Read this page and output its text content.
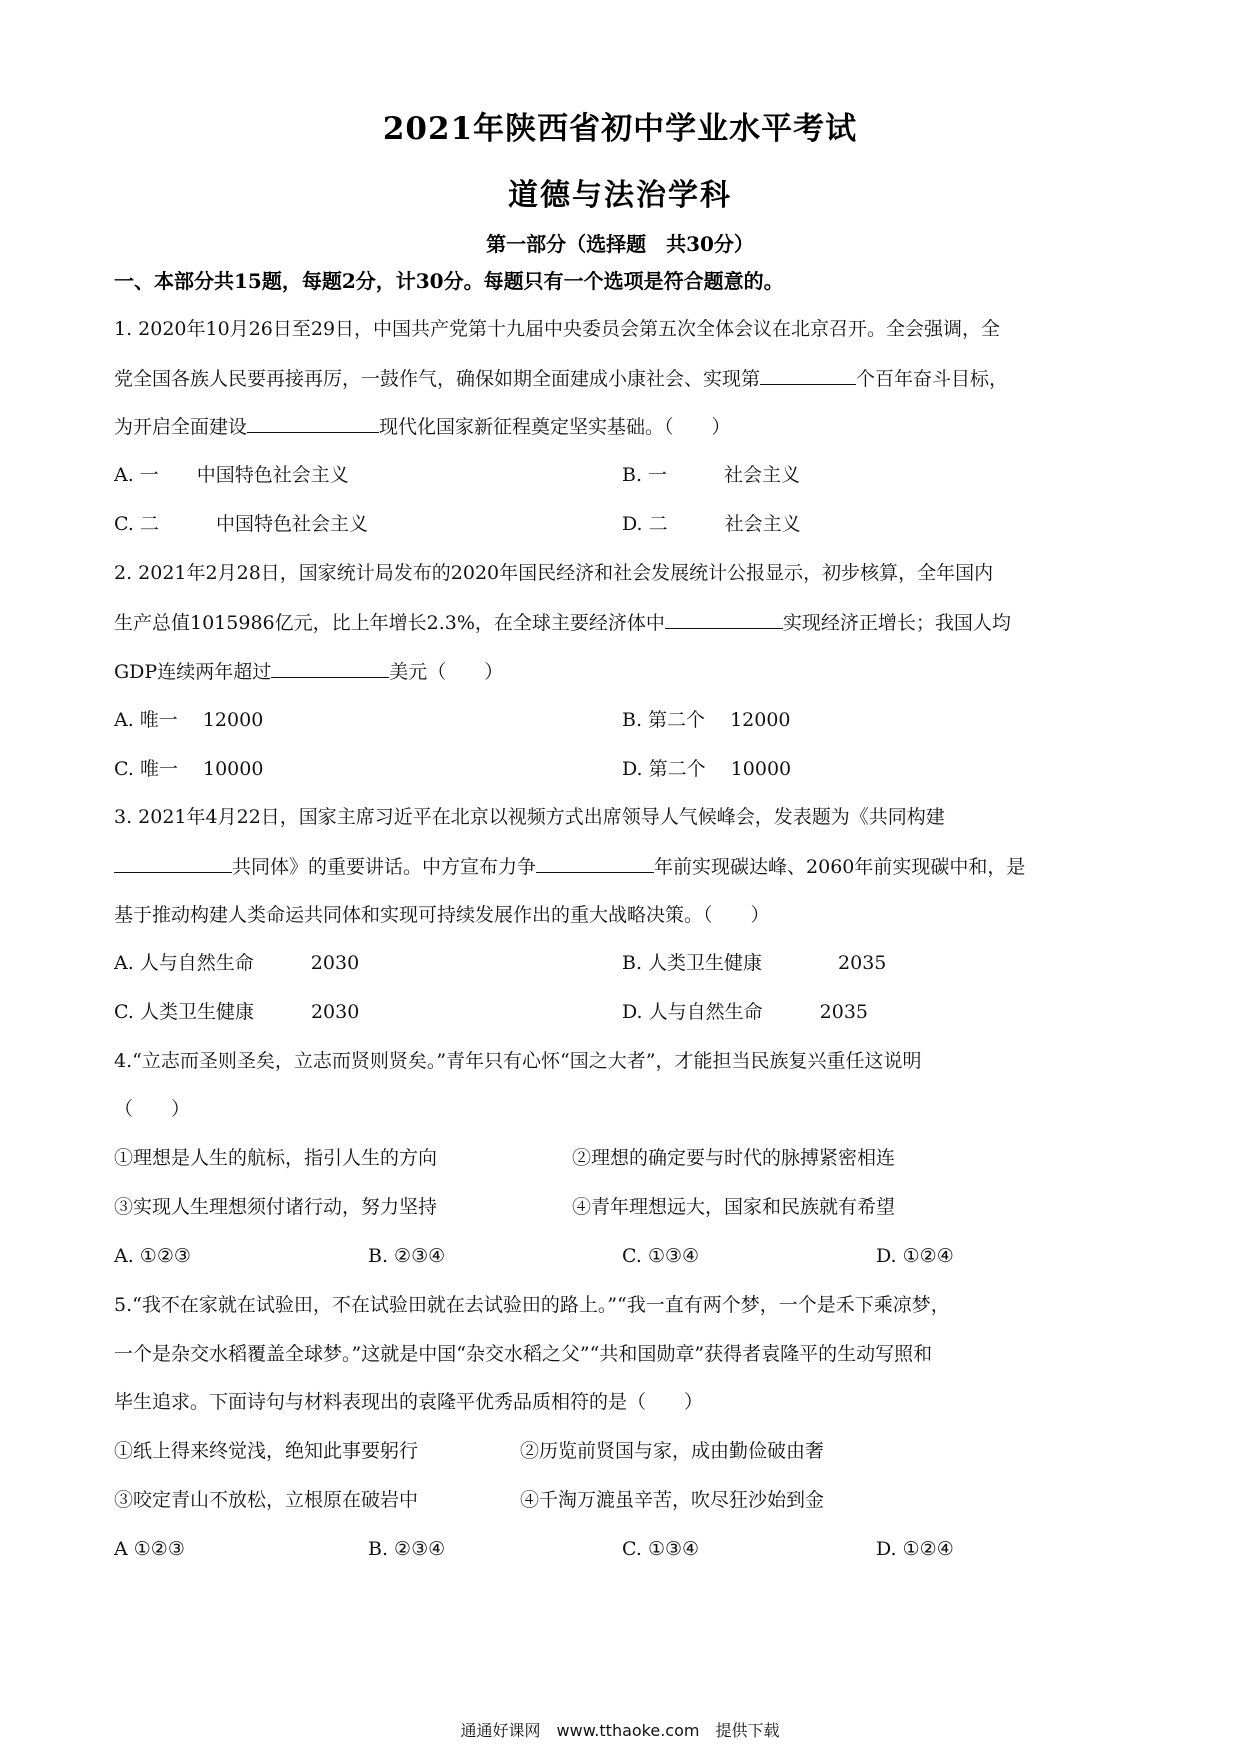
2021年陕西省初中学业水平考试
道德与法治学科
第一部分（选择题　共30分）
一、本部分共15题，每题2分，计30分。每题只有一个选项是符合题意的。
1. 2020年10月26日至29日，中国共产党第十九届中央委员会第五次全体会议在北京召开。全会强调，全
党全国各族人民要再接再厉，一鼓作气，确保如期全面建成小康社会、实现第	个百年奋斗目标，
为开启全面建设	现代化国家新征程奠定坚实基础。（　　）
A. 一　　中国特色社会主义	B. 一　　　社会主义
C. 二　　　中国特色社会主义	D. 二　　　社会主义
2. 2021年2月28日，国家统计局发布的2020年国民经济和社会发展统计公报显示，初步核算，全年国内
生产总值1015986亿元，比上年增长2.3%，在全球主要经济体中	实现经济正增长；我国人均
GDP连续两年超过	美元（　　）
A. 唯一　 12000	B. 第二个　 12000
C. 唯一　 10000	D. 第二个　 10000
3. 2021年4月22日，国家主席习近平在北京以视频方式出席领导人气候峰会，发表题为《共同构建
共同体》的重要讲话。中方宣布力争	年前实现碳达峰、2060年前实现碳中和，是
基于推动构建人类命运共同体和实现可持续发展作出的重大战略决策。（　　）
A. 人与自然生命　　　2030	B. 人类卫生健康　　　　2035
C. 人类卫生健康　　　2030	D. 人与自然生命　　　2035
4.“立志而圣则圣矣，立志而贤则贤矣。”青年只有心怀“国之大者”，才能担当民族复兴重任这说明
（　　）
①理想是人生的航标，指引人生的方向	②理想的确定要与时代的脉搏紧密相连
③实现人生理想须付诸行动，努力坚持	④青年理想远大，国家和民族就有希望
A. ①②③	B. ②③④	C. ①③④	D. ①②④
5.“我不在家就在试验田，不在试验田就在去试验田的路上。”“我一直有两个梦，一个是禾下乘凉梦，
一个是杂交水稻覆盖全球梦。”这就是中国“杂交水稻之父”“共和国勋章”获得者袁隆平的生动写照和
毕生追求。下面诗句与材料表现出的袁隆平优秀品质相符的是（　　）
①纸上得来终觉浅，绝知此事要躬行	②历览前贤国与家，成由勤俭破由奢
③咬定青山不放松，立根原在破岩中	④千淘万漉虽辛苦，吹尽狂沙始到金
A ①②③	B. ②③④	C. ①③④	D. ①②④
通通好课网　www.tthaoke.com　提供下载
